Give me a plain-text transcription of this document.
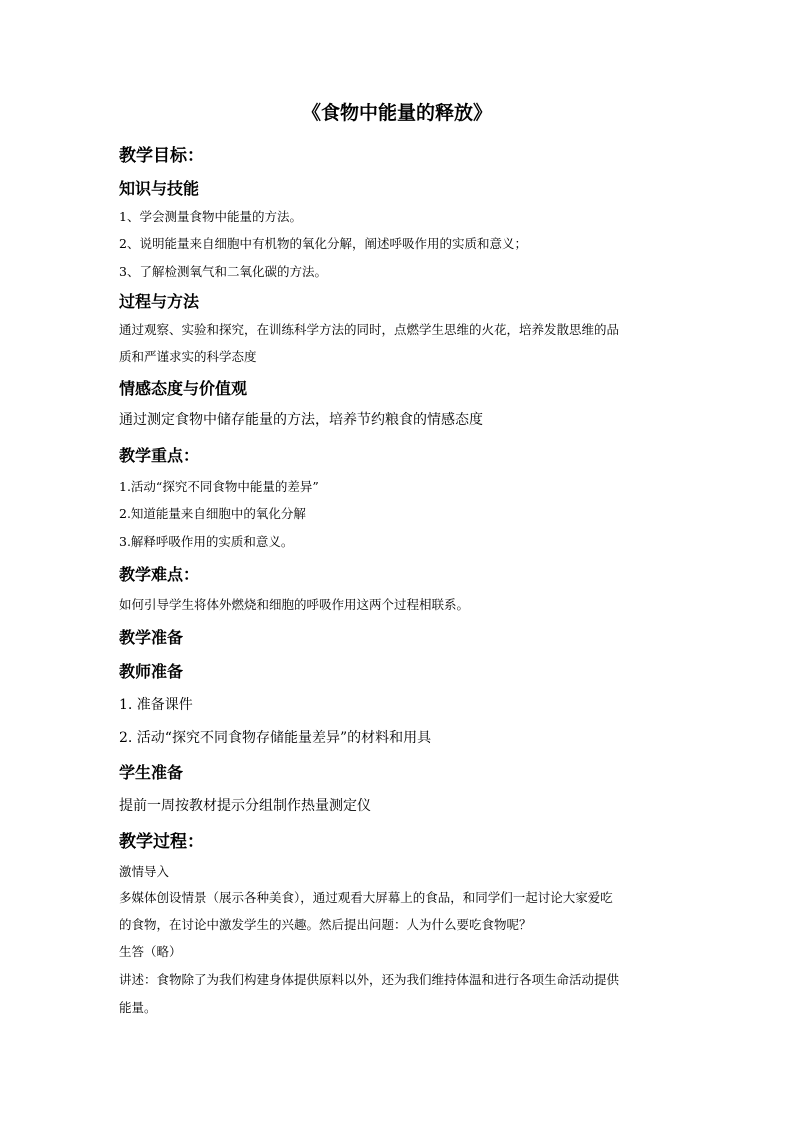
《食物中能量的释放》
教学目标：
知识与技能
1、学会测量食物中能量的方法。
2、说明能量来自细胞中有机物的氧化分解，阐述呼吸作用的实质和意义；
3、了解检测氧气和二氧化碳的方法。
过程与方法
通过观察、实验和探究，在训练科学方法的同时，点燃学生思维的火花，培养发散思维的品
质和严谨求实的科学态度
情感态度与价值观
通过测定食物中储存能量的方法，培养节约粮食的情感态度
教学重点：
1.活动“探究不同食物中能量的差异”
2.知道能量来自细胞中的氧化分解
3.解释呼吸作用的实质和意义。
教学难点：
如何引导学生将体外燃烧和细胞的呼吸作用这两个过程相联系。
教学准备
教师准备
1. 准备课件
2. 活动“探究不同食物存储能量差异”的材料和用具
学生准备
提前一周按教材提示分组制作热量测定仪
教学过程：
激情导入
多媒体创设情景（展示各种美食），通过观看大屏幕上的食品，和同学们一起讨论大家爱吃
的食物，在讨论中激发学生的兴趣。然后提出问题：人为什么要吃食物呢？
生答（略）
讲述：食物除了为我们构建身体提供原料以外，还为我们维持体温和进行各项生命活动提供
能量。
